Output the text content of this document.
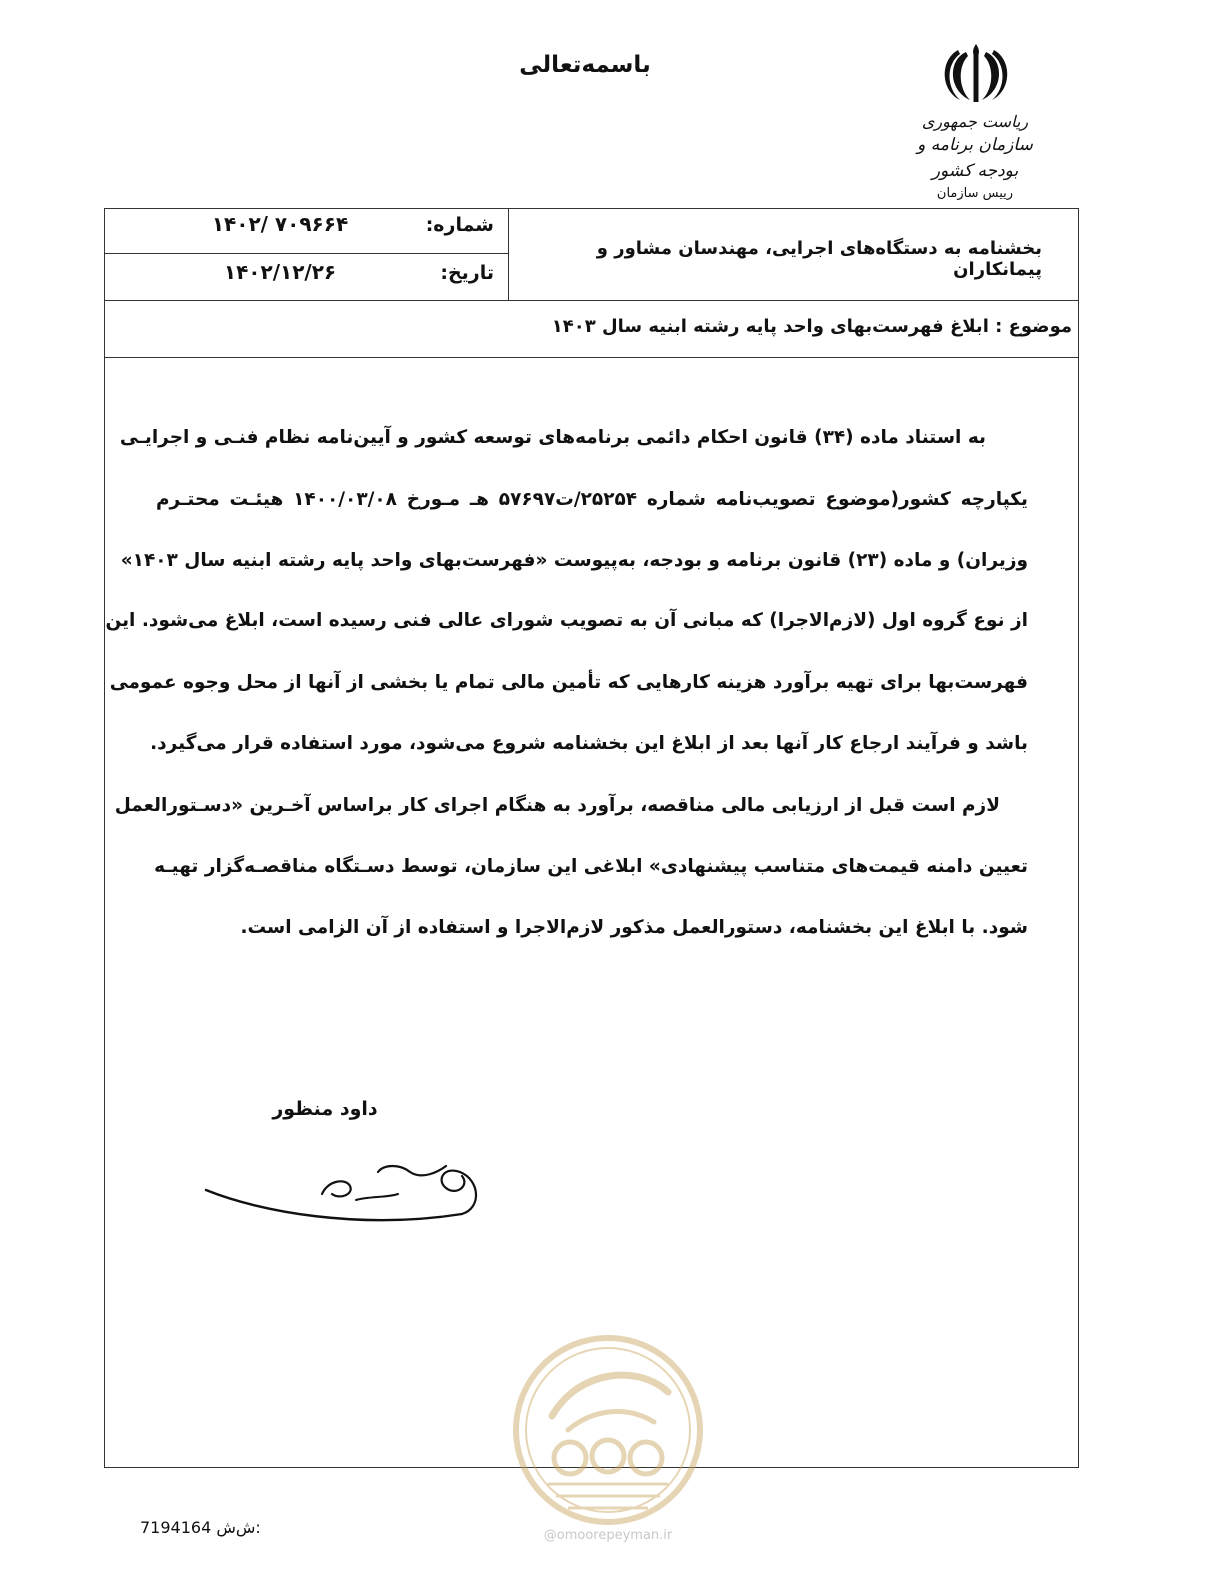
باسمه‌تعالی
ریاست جمهوری
سازمان برنامه و بودجه کشور
رییس سازمان
شماره:
۱۴۰۲/ ۷۰۹۶۶۴
تاریخ:
۱۴۰۲/۱۲/۲۶
بخشنامه به دستگاه‌های اجرایی، مهندسان مشاور و پیمانکاران
موضوع : ابلاغ فهرست‌بهای واحد پایه رشته ابنیه سال ۱۴۰۳
به استناد ماده (۳۴) قانون احکام دائمی برنامه‌های توسعه کشور و آیین‌نامه نظام فنـی و اجرایـی
یکپارچه کشور(موضوع تصویب‌نامه شماره ۲۵۲۵۴/ت۵۷۶۹۷ هـ مـورخ ۱۴۰۰/۰۳/۰۸ هیئـت محتـرم
وزیران) و ماده (۲۳) قانون برنامه و بودجه، به‌پیوست «فهرست‌بهای واحد پایه رشته ابنیه سال ۱۴۰۳»
از نوع گروه اول (لازم‌الاجرا) که مبانی آن به تصویب شورای عالی فنی رسیده است، ابلاغ می‌شود. این
فهرست‌بها برای تهیه برآورد هزینه کارهایی که تأمین مالی تمام یا بخشی از آنها از محل وجوه عمومی
باشد و فرآیند ارجاع کار آنها بعد از ابلاغ این بخشنامه شروع می‌شود، مورد استفاده قرار می‌گیرد.
لازم است قبل از ارزیابی مالی مناقصه، برآورد به هنگام اجرای کار براساس آخـرین «دسـتورالعمل
تعیین دامنه قیمت‌های متناسب پیشنهادی» ابلاغی این سازمان، توسط دسـتگاه مناقصـه‌گزار تهیـه
شود. با ابلاغ این بخشنامه، دستورالعمل مذکور لازم‌الاجرا و استفاده از آن الزامی است.
داود منظور
@omoorepeyman.ir
7194164 ش‌ش:
